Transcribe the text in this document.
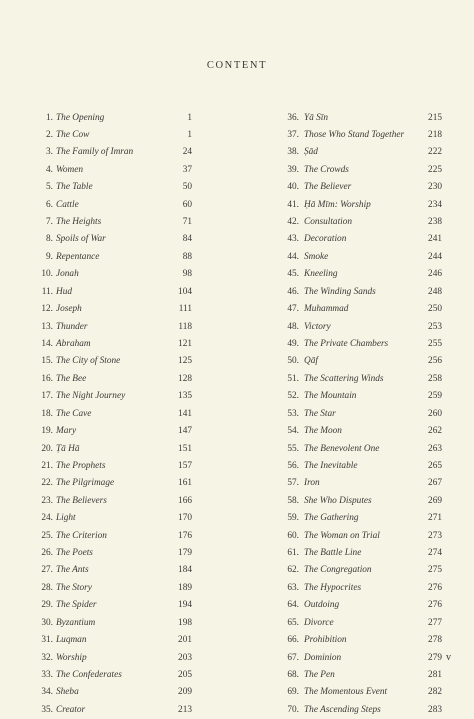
CONTENT
1. The Opening	1
2. The Cow	1
3. The Family of Imran	24
4. Women	37
5. The Table	50
6. Cattle	60
7. The Heights	71
8. Spoils of War	84
9. Repentance	88
10. Jonah	98
11. Hud	104
12. Joseph	111
13. Thunder	118
14. Abraham	121
15. The City of Stone	125
16. The Bee	128
17. The Night Journey	135
18. The Cave	141
19. Mary	147
20. Ṭā Hā	151
21. The Prophets	157
22. The Pilgrimage	161
23. The Believers	166
24. Light	170
25. The Criterion	176
26. The Poets	179
27. The Ants	184
28. The Story	189
29. The Spider	194
30. Byzantium	198
31. Luqman	201
32. Worship	203
33. The Confederates	205
34. Sheba	209
35. Creator	213
36. Yā Sīn	215
37. Those Who Stand Together	218
38. Ṣād	222
39. The Crowds	225
40. The Believer	230
41. Ḥā Mīm: Worship	234
42. Consultation	238
43. Decoration	241
44. Smoke	244
45. Kneeling	246
46. The Winding Sands	248
47. Muhammad	250
48. Victory	253
49. The Private Chambers	255
50. Qāf	256
51. The Scattering Winds	258
52. The Mountain	259
53. The Star	260
54. The Moon	262
55. The Benevolent One	263
56. The Inevitable	265
57. Iron	267
58. She Who Disputes	269
59. The Gathering	271
60. The Woman on Trial	273
61. The Battle Line	274
62. The Congregation	275
63. The Hypocrites	276
64. Outdoing	276
65. Divorce	277
66. Prohibition	278
67. Dominion	279
68. The Pen	281
69. The Momentous Event	282
70. The Ascending Steps	283
v
